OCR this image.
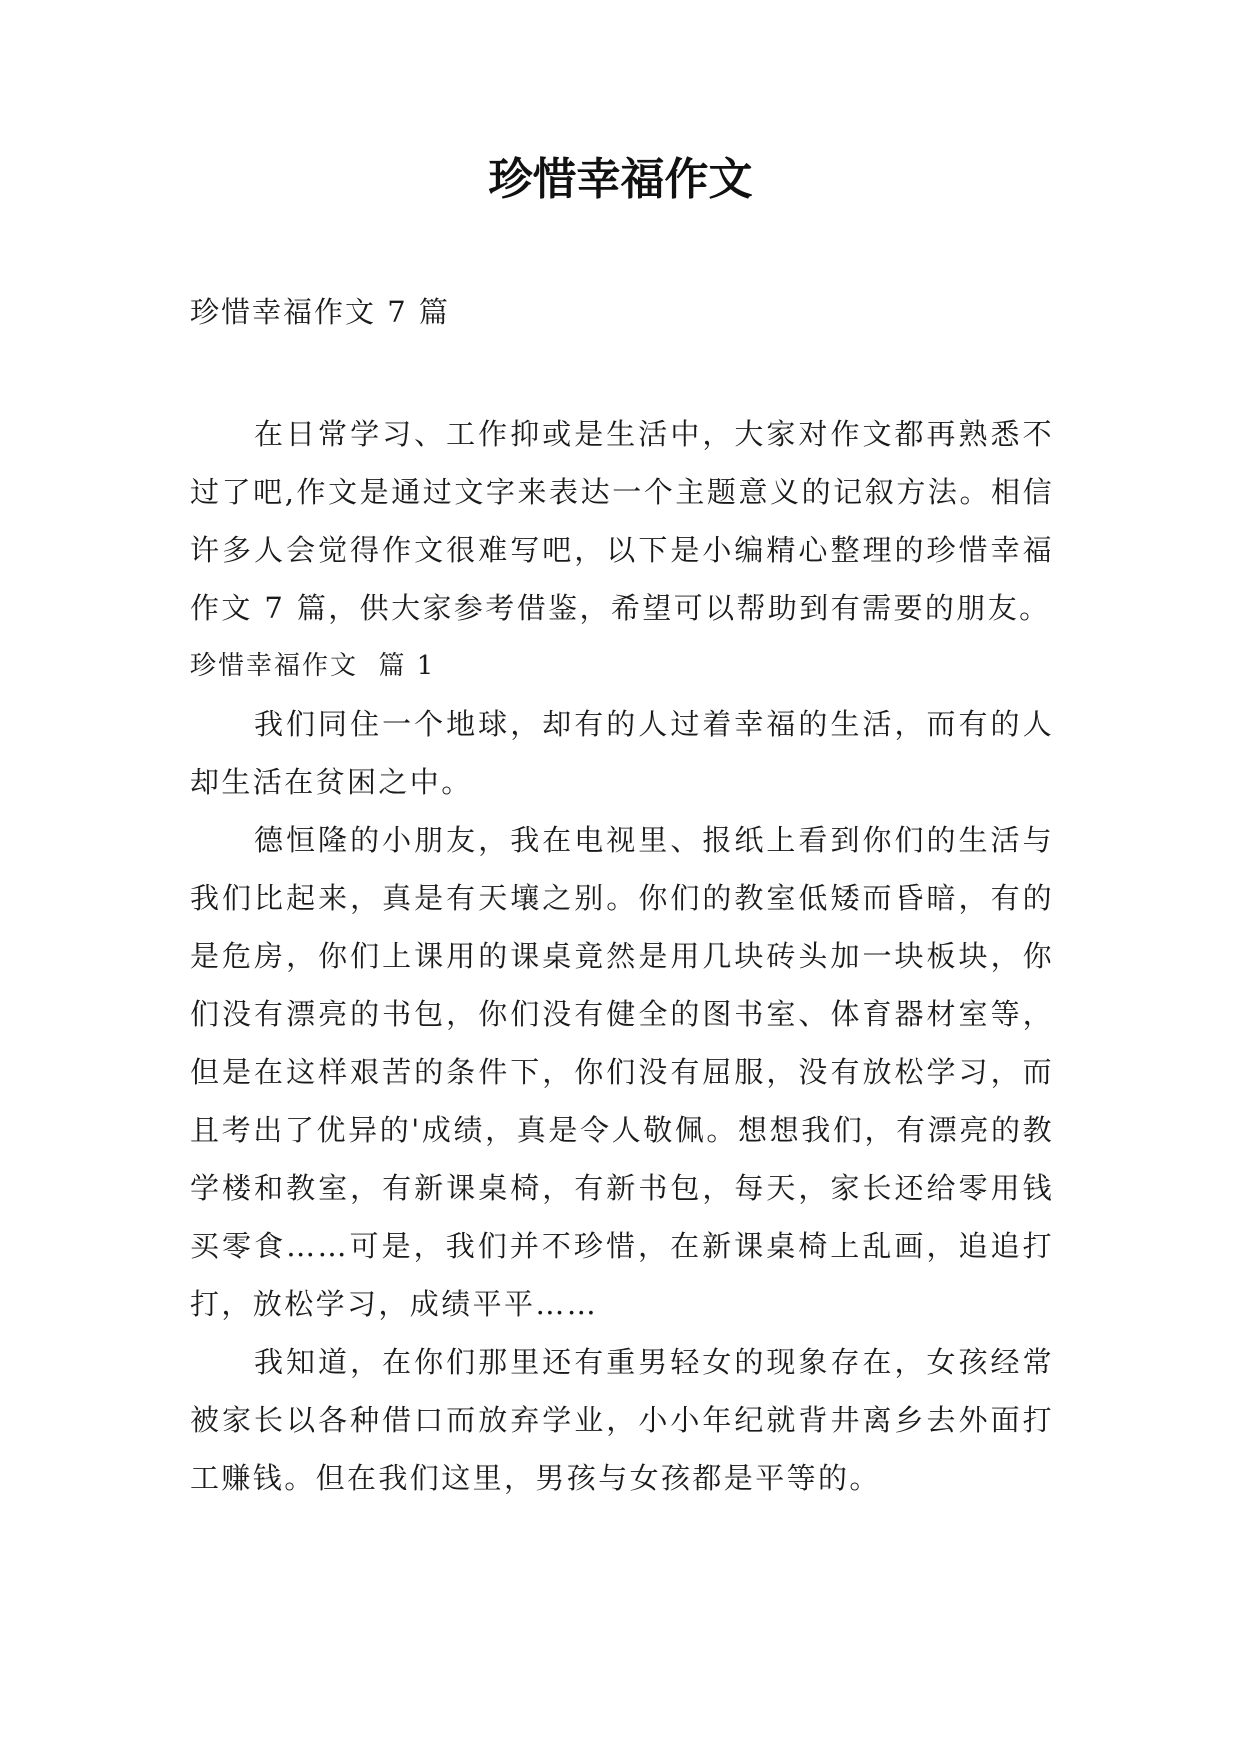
珍惜幸福作文

珍惜幸福作文 7 篇

在日常学习、工作抑或是生活中，大家对作文都再熟悉不过了吧,作文是通过文字来表达一个主题意义的记叙方法。相信许多人会觉得作文很难写吧，以下是小编精心整理的珍惜幸福作文 7 篇，供大家参考借鉴，希望可以帮助到有需要的朋友。

珍惜幸福作文  篇 1

我们同住一个地球，却有的人过着幸福的生活，而有的人却生活在贫困之中。

德恒隆的小朋友，我在电视里、报纸上看到你们的生活与我们比起来，真是有天壤之别。你们的教室低矮而昏暗，有的是危房，你们上课用的课桌竟然是用几块砖头加一块板块，你们没有漂亮的书包，你们没有健全的图书室、体育器材室等，但是在这样艰苦的条件下，你们没有屈服，没有放松学习，而且考出了优异的'成绩，真是令人敬佩。想想我们，有漂亮的教学楼和教室，有新课桌椅，有新书包，每天，家长还给零用钱买零食……可是，我们并不珍惜，在新课桌椅上乱画，追追打打，放松学习，成绩平平……

我知道，在你们那里还有重男轻女的现象存在，女孩经常被家长以各种借口而放弃学业，小小年纪就背井离乡去外面打工赚钱。但在我们这里，男孩与女孩都是平等的。
